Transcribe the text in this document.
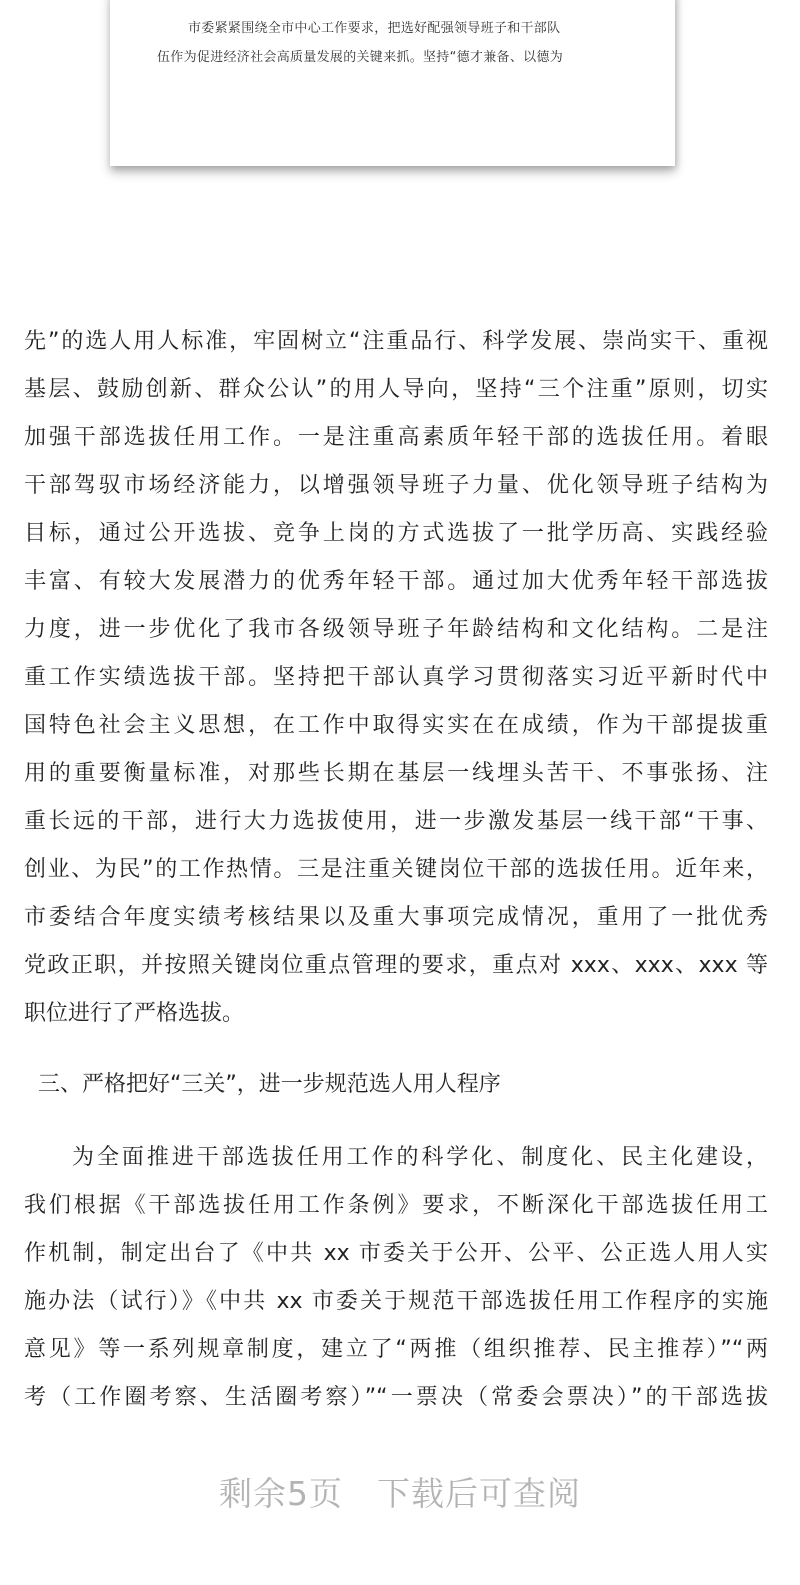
市委紧紧围绕全市中心工作要求，把选好配强领导班子和干部队
伍作为促进经济社会高质量发展的关键来抓。坚持“德才兼备、以德为
先”的选人用人标准，牢固树立“注重品行、科学发展、崇尚实干、重视
基层、鼓励创新、群众公认”的用人导向，坚持“三个注重”原则，切实
加强干部选拔任用工作。一是注重高素质年轻干部的选拔任用。着眼
干部驾驭市场经济能力，以增强领导班子力量、优化领导班子结构为
目标，通过公开选拔、竞争上岗的方式选拔了一批学历高、实践经验
丰富、有较大发展潜力的优秀年轻干部。通过加大优秀年轻干部选拔
力度，进一步优化了我市各级领导班子年龄结构和文化结构。二是注
重工作实绩选拔干部。坚持把干部认真学习贯彻落实习近平新时代中
国特色社会主义思想，在工作中取得实实在在成绩，作为干部提拔重
用的重要衡量标准，对那些长期在基层一线埋头苦干、不事张扬、注
重长远的干部，进行大力选拔使用，进一步激发基层一线干部“干事、
创业、为民”的工作热情。三是注重关键岗位干部的选拔任用。近年来，
市委结合年度实绩考核结果以及重大事项完成情况，重用了一批优秀
党政正职，并按照关键岗位重点管理的要求，重点对 xxx、xxx、xxx 等
职位进行了严格选拔。
三、严格把好“三关”，进一步规范选人用人程序
为全面推进干部选拔任用工作的科学化、制度化、民主化建设，
我们根据《干部选拔任用工作条例》要求，不断深化干部选拔任用工
作机制，制定出台了《中共 xx 市委关于公开、公平、公正选人用人实
施办法（试行）》《中共 xx 市委关于规范干部选拔任用工作程序的实施
意见》等一系列规章制度，建立了“两推（组织推荐、民主推荐）”“两
考（工作圈考察、生活圈考察）”“一票决（常委会票决）”的干部选拔
剩余5页 下载后可查阅
